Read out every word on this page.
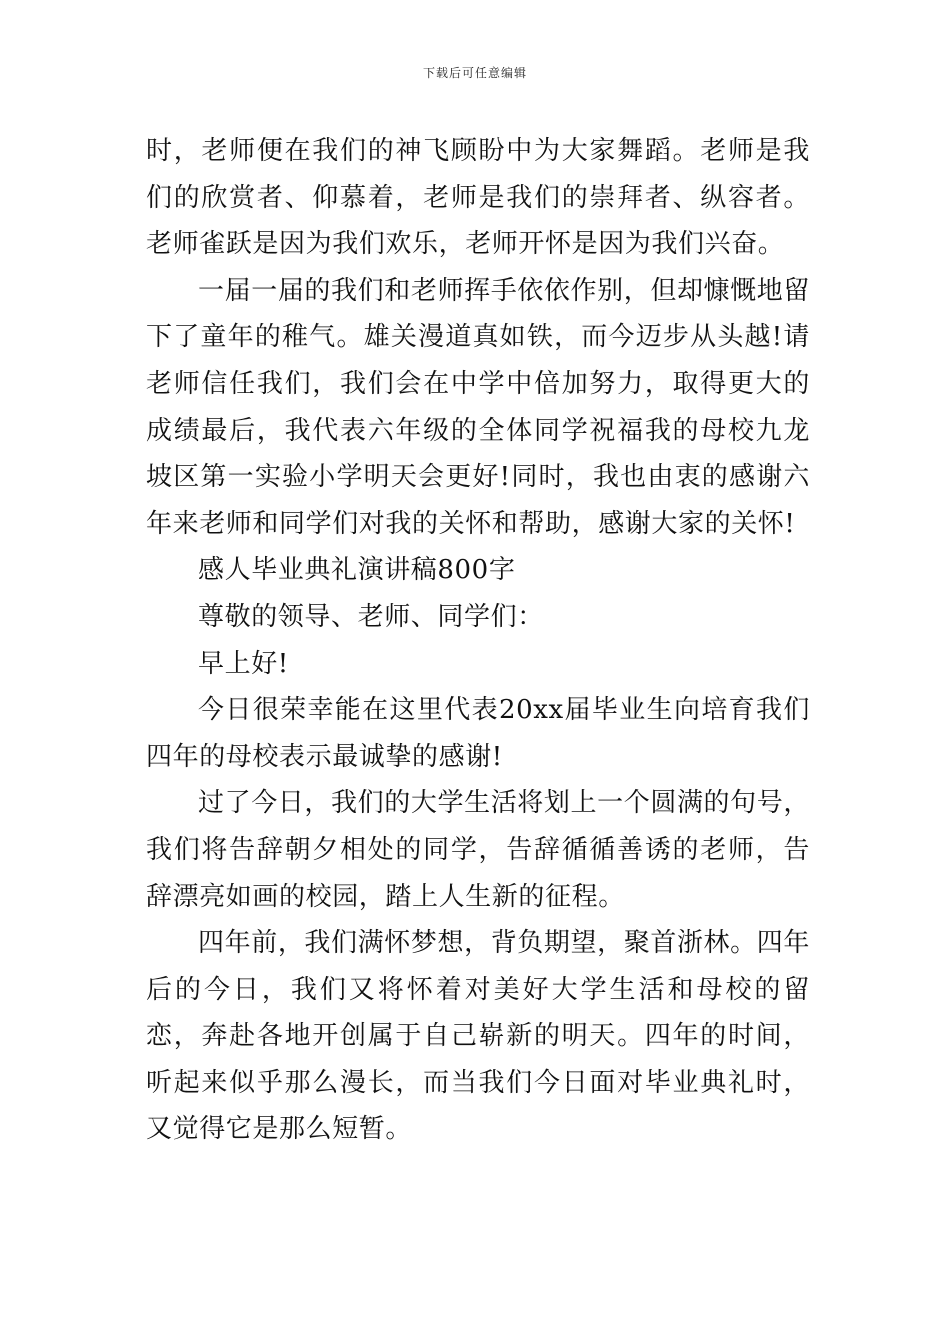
下载后可任意编辑

时，老师便在我们的神飞顾盼中为大家舞蹈。老师是我们的欣赏者、仰慕着，老师是我们的崇拜者、纵容者。老师雀跃是因为我们欢乐，老师开怀是因为我们兴奋。

一届一届的我们和老师挥手依依作别，但却慷慨地留下了童年的稚气。雄关漫道真如铁，而今迈步从头越!请老师信任我们，我们会在中学中倍加努力，取得更大的成绩最后，我代表六年级的全体同学祝福我的母校九龙坡区第一实验小学明天会更好!同时，我也由衷的感谢六年来老师和同学们对我的关怀和帮助，感谢大家的关怀!

感人毕业典礼演讲稿800字

尊敬的领导、老师、同学们：

早上好!

今日很荣幸能在这里代表20xx届毕业生向培育我们四年的母校表示最诚挚的感谢!

过了今日，我们的大学生活将划上一个圆满的句号，我们将告辞朝夕相处的同学，告辞循循善诱的老师，告辞漂亮如画的校园，踏上人生新的征程。

四年前，我们满怀梦想，背负期望，聚首浙林。四年后的今日，我们又将怀着对美好大学生活和母校的留恋，奔赴各地开创属于自己崭新的明天。四年的时间，听起来似乎那么漫长，而当我们今日面对毕业典礼时，又觉得它是那么短暂。
